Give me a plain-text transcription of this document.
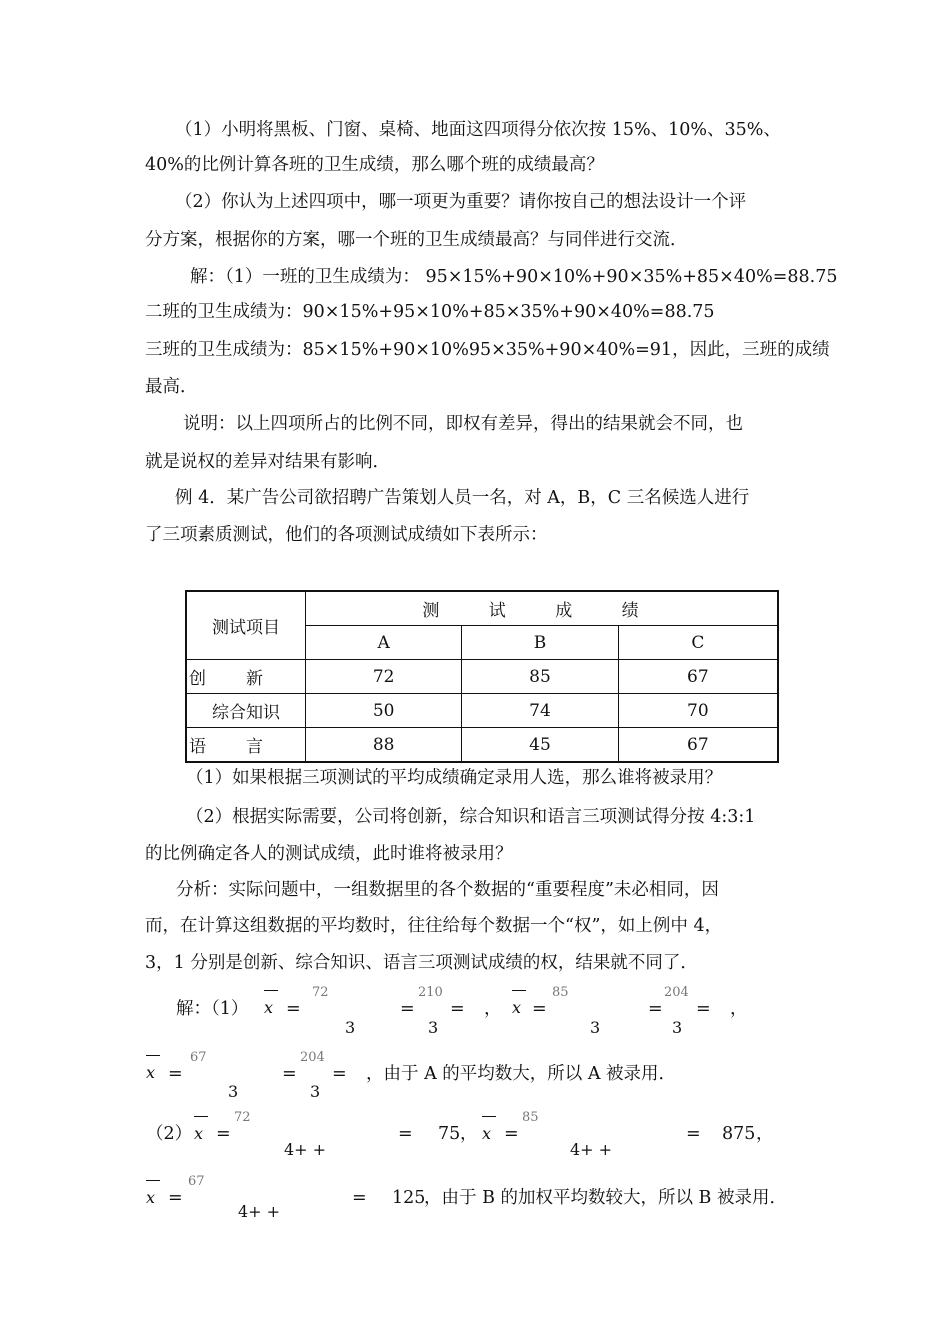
（1）小明将黑板、门窗、桌椅、地面这四项得分依次按 15%、10%、35%、
40%的比例计算各班的卫生成绩，那么哪个班的成绩最高？
（2）你认为上述四项中，哪一项更为重要？请你按自己的想法设计一个评
分方案，根据你的方案，哪一个班的卫生成绩最高？与同伴进行交流．
解：（1）一班的卫生成绩为： 95×15%+90×10%+90×35%+85×40%=88.75
二班的卫生成绩为：90×15%+95×10%+85×35%+90×40%=88.75
三班的卫生成绩为：85×15%+90×10%95×35%+90×40%=91，因此，三班的成绩
最高．
说明：以上四项所占的比例不同，即权有差异，得出的结果就会不同，也
就是说权的差异对结果有影响．
例 4．某广告公司欲招聘广告策划人员一名，对 A，B，C 三名候选人进行
了三项素质测试，他们的各项测试成绩如下表所示：
测试项目	测 试 成 绩		
	A	B	C
创新	72	85	67
综合知识	50	74	70
语言	88	45	67
（1）如果根据三项测试的平均成绩确定录用人选，那么谁将被录用？
（2）根据实际需要，公司将创新，综合知识和语言三项测试得分按 4:3:1
的比例确定各人的测试成绩，此时谁将被录用？
分析：实际问题中，一组数据里的各个数据的“重要程度”未必相同，因
而，在计算这组数据的平均数时，往往给每个数据一个“权”，如上例中 4，
3，1 分别是创新、综合知识、语言三项测试成绩的权，结果就不同了．
解：（1） x =
72
=
210
3	3
= ， x =
85
=
204
3	3
= ，
x =
67
=
204
3	3
= ，由于 A 的平均数大，所以 A 被录用．
（2） x =
72
4+ +
= 75 ， x =
85
4+ +
= 875 ，
x =
67
4+ +
= 125
，由于 B 的加权平均数较大，所以 B 被录用．
